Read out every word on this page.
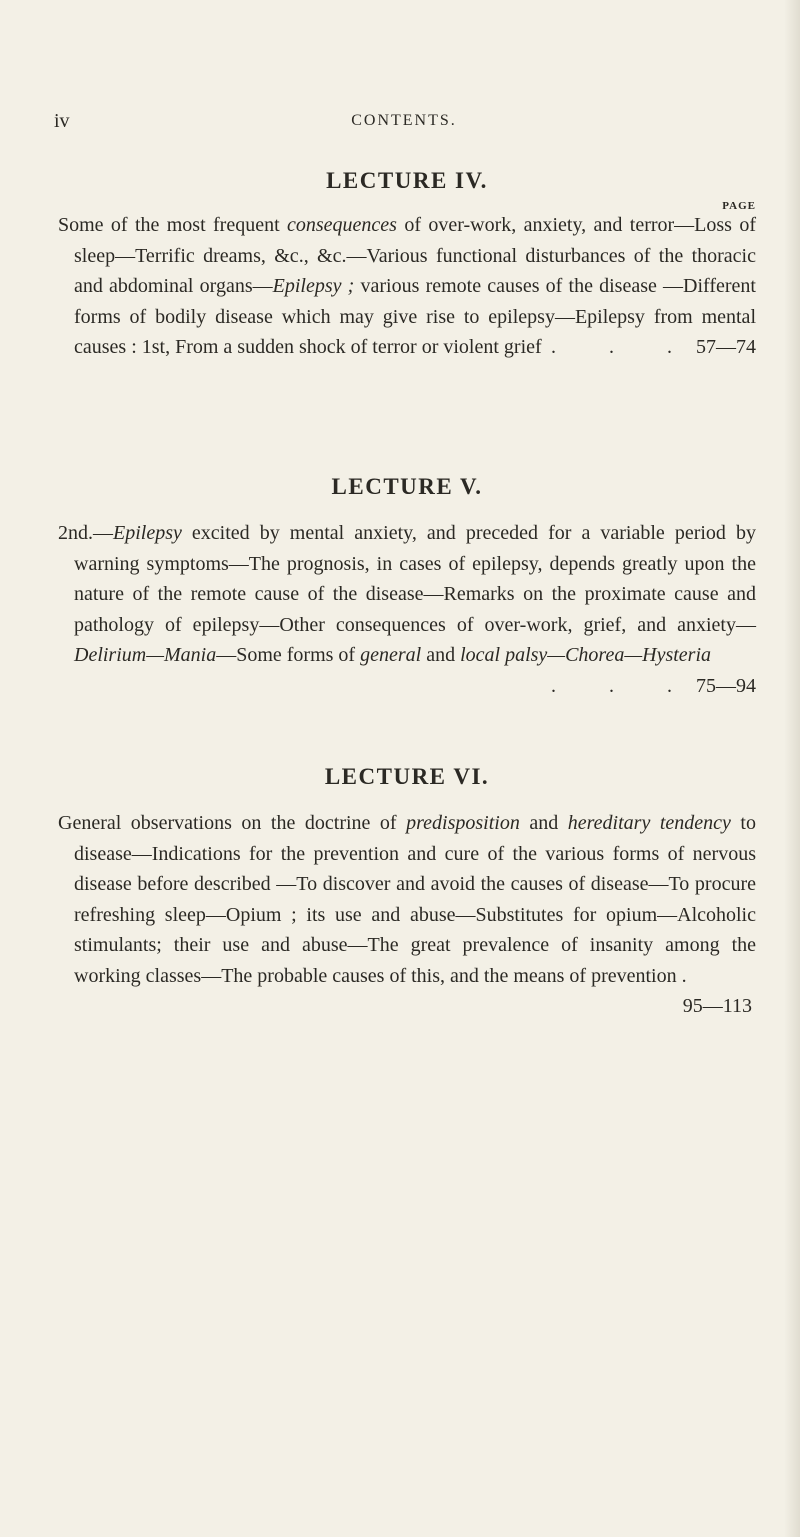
iv	CONTENTS.
LECTURE IV.
PAGE

Some of the most frequent consequences of over-work, anxiety, and terror—Loss of sleep—Terrific dreams, &c., &c.—Various functional disturbances of the thoracic and abdominal organs—Epilepsy ; various remote causes of the disease —Different forms of bodily disease which may give rise to epilepsy—Epilepsy from mental causes : 1st, From a sudden shock of terror or violent grief . . .57—74

LECTURE V.

2nd.—Epilepsy excited by mental anxiety, and preceded for a variable period by warning symptoms—The prognosis, in cases of epilepsy, depends greatly upon the nature of the remote cause of the disease—Remarks on the proximate cause and pathology of epilepsy—Other consequences of over-work, grief, and anxiety—Delirium—Mania—Some forms of general and local palsy—Chorea—Hysteria
. . .75—94

LECTURE VI.

General observations on the doctrine of predisposition and hereditary tendency to disease—Indications for the prevention and cure of the various forms of nervous disease before described —To discover and avoid the causes of disease—To procure refreshing sleep—Opium ; its use and abuse—Substitutes for opium—Alcoholic stimulants; their use and abuse—The great prevalence of insanity among the working classes—The probable causes of this, and the means of prevention .
95—113
